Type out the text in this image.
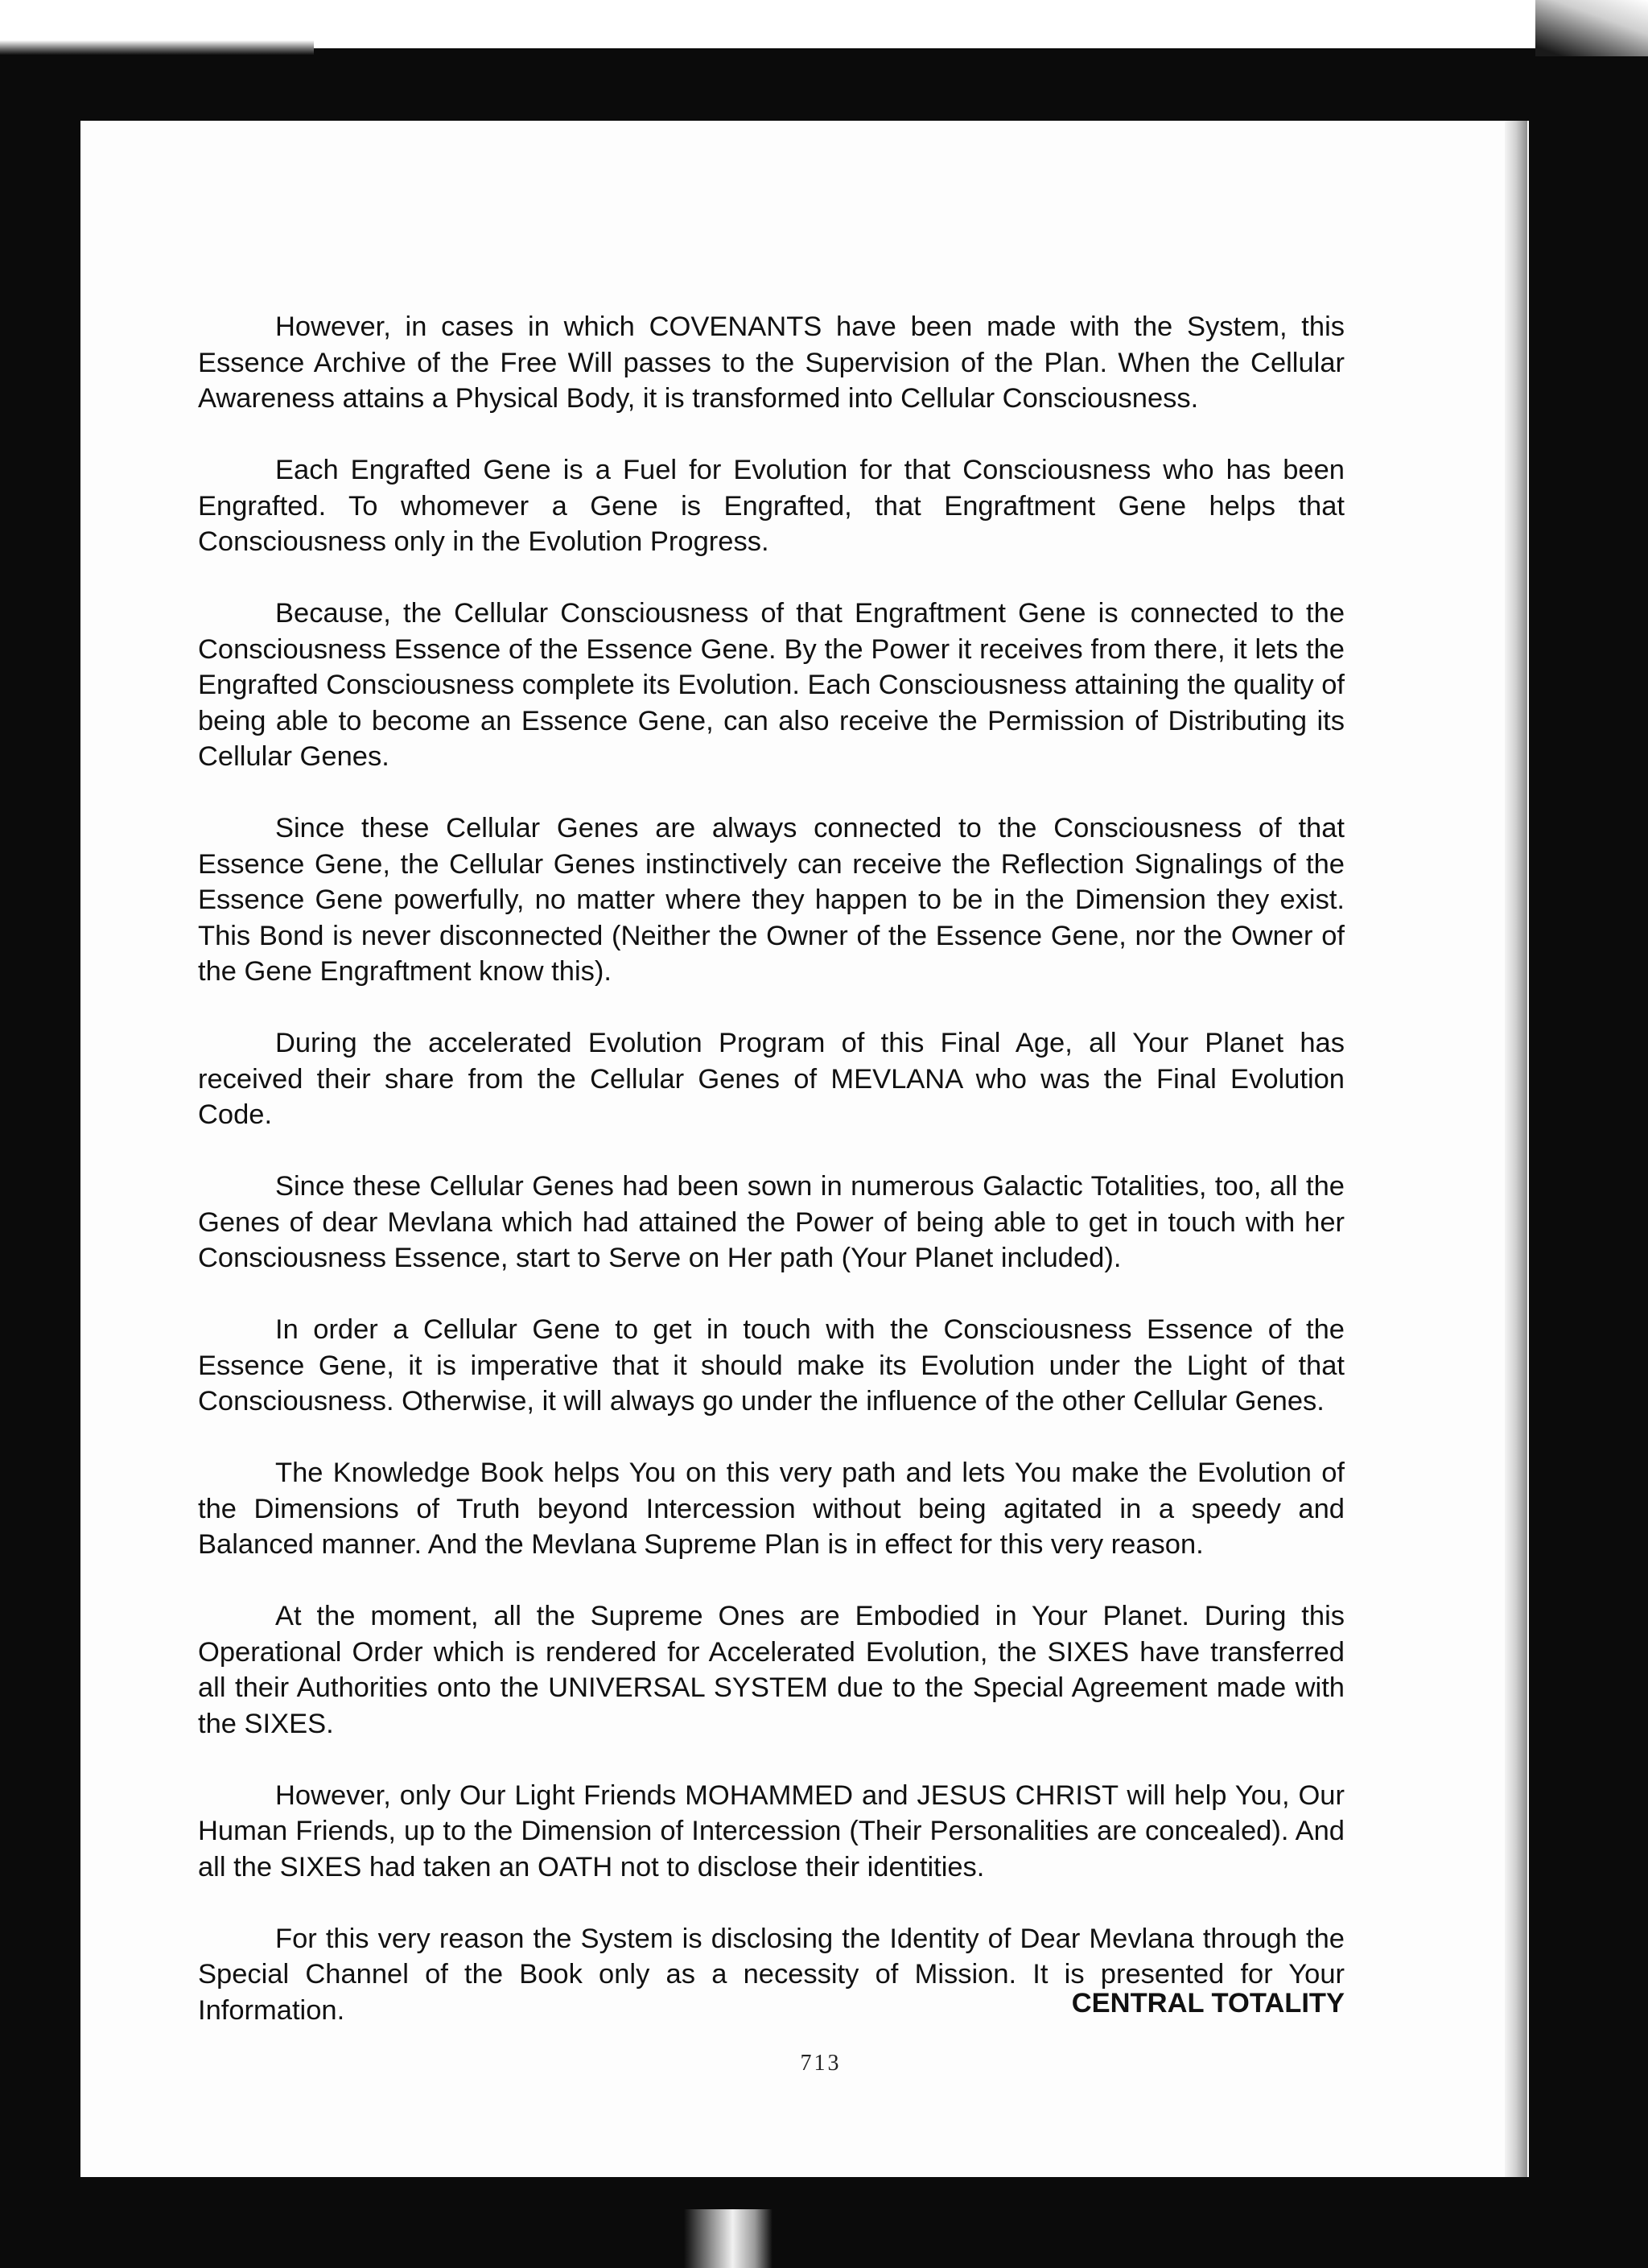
However, in cases in which COVENANTS have been made with the System, this Essence Archive of the Free Will passes to the Supervision of the Plan. When the Cellular Awareness attains a Physical Body, it is transformed into Cellular Consciousness.

Each Engrafted Gene is a Fuel for Evolution for that Consciousness who has been Engrafted. To whomever a Gene is Engrafted, that Engraftment Gene helps that Consciousness only in the Evolution Progress.

Because, the Cellular Consciousness of that Engraftment Gene is connected to the Consciousness Essence of the Essence Gene. By the Power it receives from there, it lets the Engrafted Consciousness complete its Evolution. Each Consciousness attaining the quality of being able to become an Essence Gene, can also receive the Permission of Distributing its Cellular Genes.

Since these Cellular Genes are always connected to the Consciousness of that Essence Gene, the Cellular Genes instinctively can receive the Reflection Signalings of the Essence Gene powerfully, no matter where they happen to be in the Dimension they exist. This Bond is never disconnected (Neither the Owner of the Essence Gene, nor the Owner of the Gene Engraftment know this).

During the accelerated Evolution Program of this Final Age, all Your Planet has received their share from the Cellular Genes of MEVLANA who was the Final Evolution Code.

Since these Cellular Genes had been sown in numerous Galactic Totalities, too, all the Genes of dear Mevlana which had attained the Power of being able to get in touch with her Consciousness Essence, start to Serve on Her path (Your Planet included).

In order a Cellular Gene to get in touch with the Consciousness Essence of the Essence Gene, it is imperative that it should make its Evolution under the Light of that Consciousness. Otherwise, it will always go under the influence of the other Cellular Genes.

The Knowledge Book helps You on this very path and lets You make the Evolution of the Dimensions of Truth beyond Intercession without being agitated in a speedy and Balanced manner. And the Mevlana Supreme Plan is in effect for this very reason.

At the moment, all the Supreme Ones are Embodied in Your Planet. During this Operational Order which is rendered for Accelerated Evolution, the SIXES have transferred all their Authorities onto the UNIVERSAL SYSTEM due to the Special Agreement made with the SIXES.

However, only Our Light Friends MOHAMMED and JESUS CHRIST will help You, Our Human Friends, up to the Dimension of Intercession (Their Personalities are concealed). And all the SIXES had taken an OATH not to disclose their identities.

For this very reason the System is disclosing the Identity of Dear Mevlana through the Special Channel of the Book only as a necessity of Mission. It is presented for Your Information.	CENTRAL TOTALITY
713
